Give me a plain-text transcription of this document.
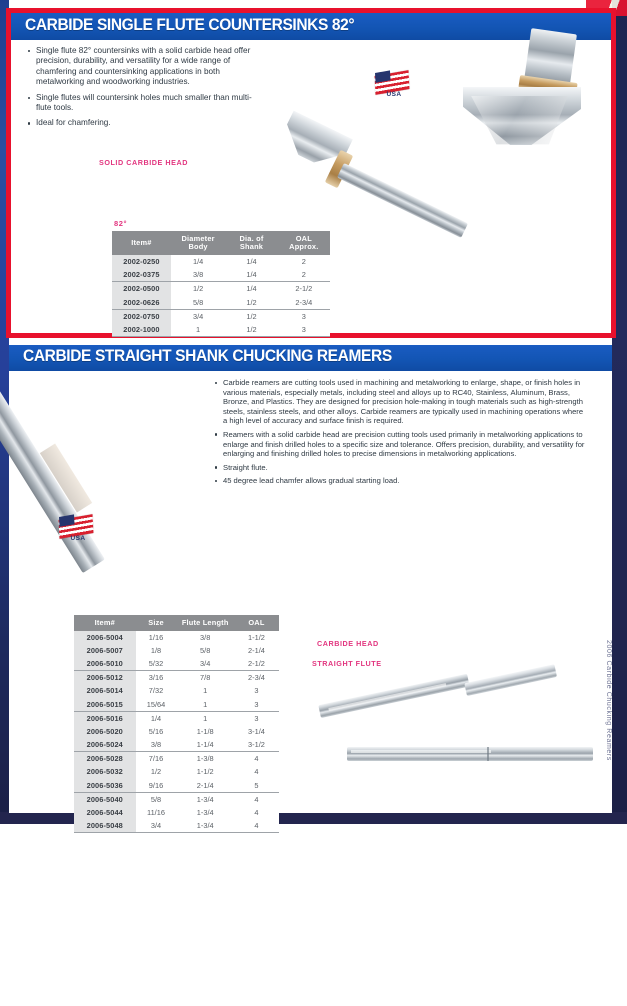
CARBIDE SINGLE FLUTE COUNTERSINKS 82°
Single flute 82° countersinks with a solid carbide head offer precision, durability, and versatility for a wide range of chamfering and countersinking applications in both metalworking and woodworking industries.
Single flutes will countersink holes much smaller than multi-flute tools.
Ideal for chamfering.
USA
SOLID CARBIDE HEAD
82°
Item#	Diameter Body	Dia. of Shank	OAL Approx.
2002-0250	1/4	1/4	2
2002-0375	3/8	1/4	2
2002-0500	1/2	1/4	2-1/2
2002-0626	5/8	1/2	2-3/4
2002-0750	3/4	1/2	3
2002-1000	1	1/2	3
CARBIDE STRAIGHT SHANK CHUCKING REAMERS
Carbide reamers are cutting tools used in machining and metalworking to enlarge, shape, or finish holes in various materials, especially metals, including steel and alloys up to RC40, Stainless, Aluminum, Brass, Bronze, and Plastics. They are designed for precision hole-making in tough materials such as high-strength steels, stainless steels, and other alloys. Carbide reamers are typically used in machining operations where a high level of accuracy and surface finish is required.
Reamers with a solid carbide head are precision cutting tools used primarily in metalworking applications to enlarge and finish drilled holes to a specific size and tolerance. Offers precision, durability, and versatility for enlarging and finishing drilled holes to precise dimensions in metalworking applications.
Straight flute.
45 degree lead chamfer allows gradual starting load.
USA
CARBIDE HEAD
STRAIGHT FLUTE
Item#	Size	Flute Length	OAL
2006-5004	1/16	3/8	1-1/2
2006-5007	1/8	5/8	2-1/4
2006-5010	5/32	3/4	2-1/2
2006-5012	3/16	7/8	2-3/4
2006-5014	7/32	1	3
2006-5015	15/64	1	3
2006-5016	1/4	1	3
2006-5020	5/16	1-1/8	3-1/4
2006-5024	3/8	1-1/4	3-1/2
2006-5028	7/16	1-3/8	4
2006-5032	1/2	1-1/2	4
2006-5036	9/16	2-1/4	5
2006-5040	5/8	1-3/4	4
2006-5044	11/16	1-3/4	4
2006-5048	3/4	1-3/4	4
2006 Carbide Chucking Reamers
